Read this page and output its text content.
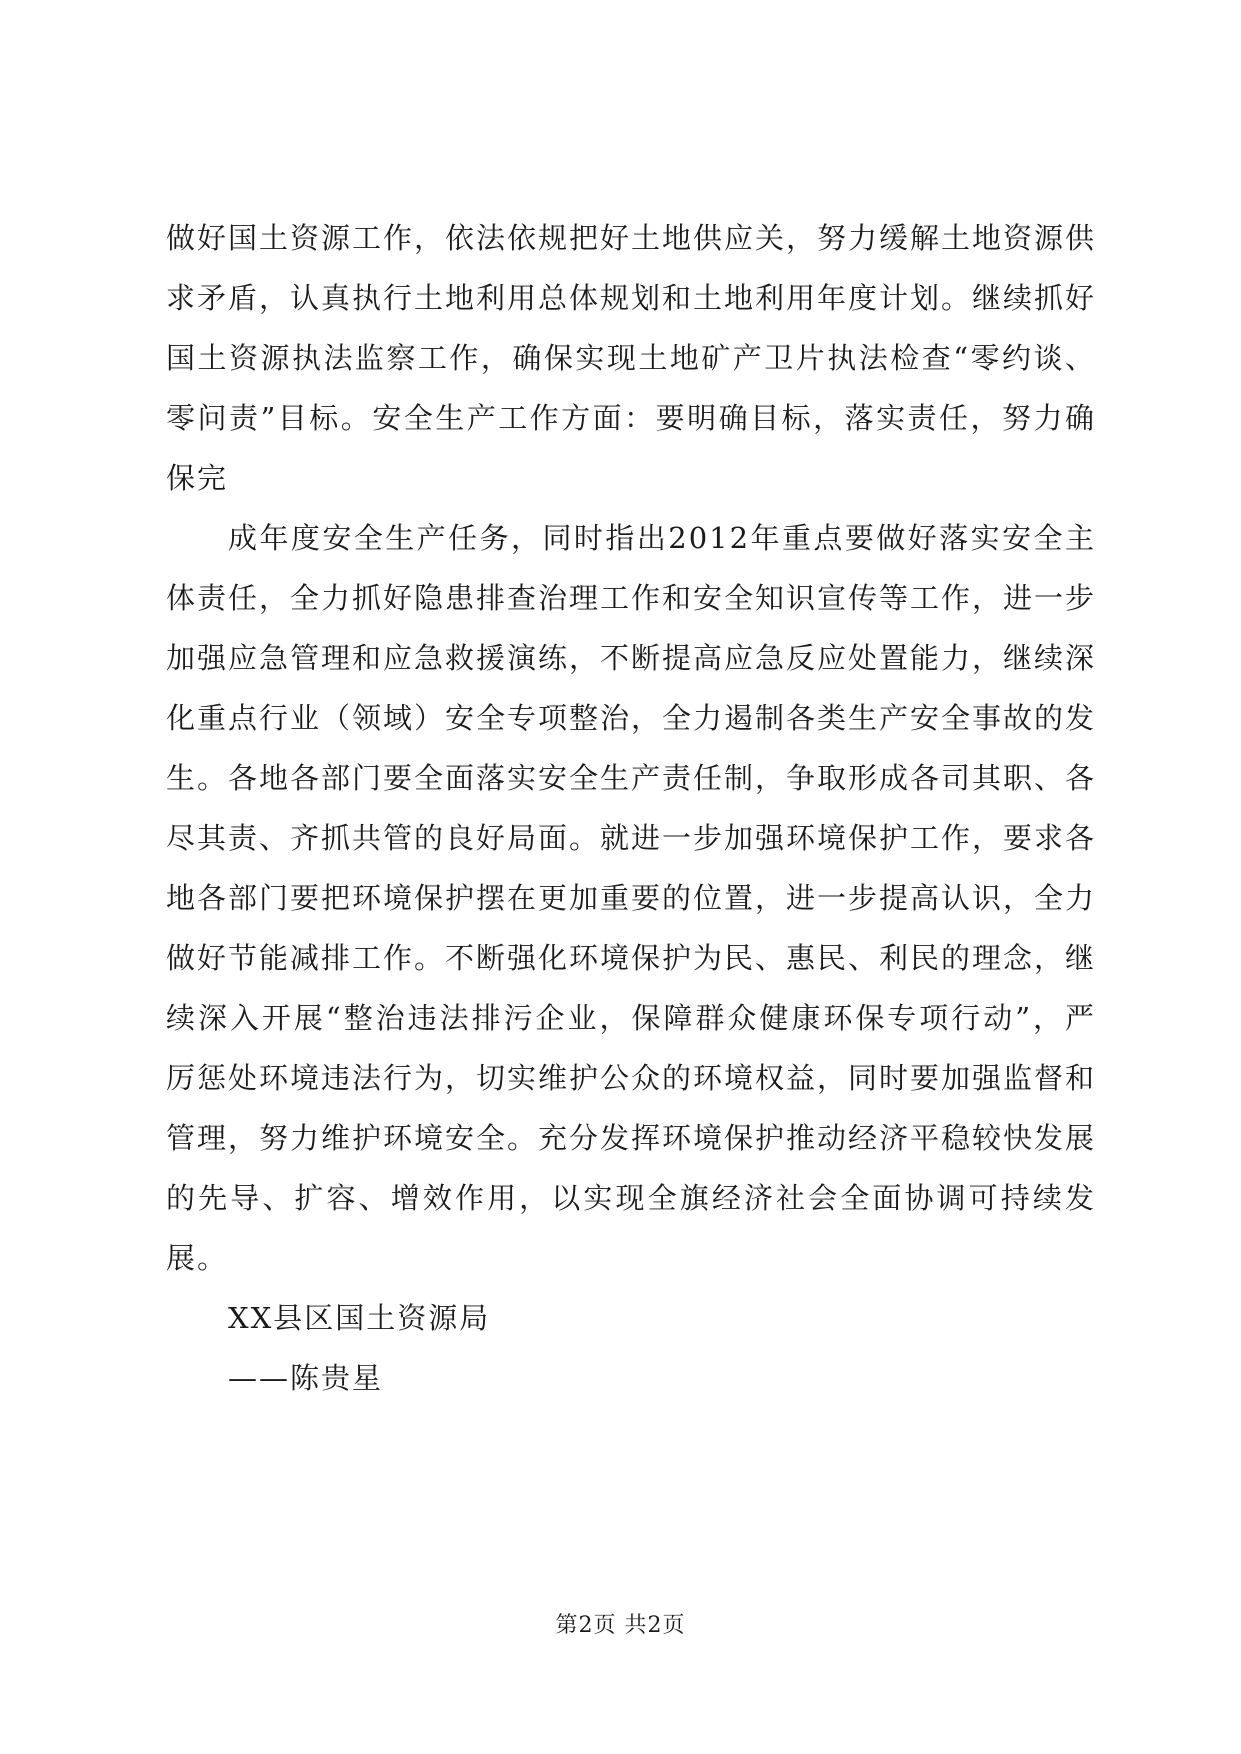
做好国土资源工作，依法依规把好土地供应关，努力缓解土地资源供求矛盾，认真执行土地利用总体规划和土地利用年度计划。继续抓好国土资源执法监察工作，确保实现土地矿产卫片执法检查“零约谈、零问责”目标。安全生产工作方面：要明确目标，落实责任，努力确保完

成年度安全生产任务，同时指出2012年重点要做好落实安全主体责任，全力抓好隐患排查治理工作和安全知识宣传等工作，进一步加强应急管理和应急救援演练，不断提高应急反应处置能力，继续深化重点行业（领域）安全专项整治，全力遏制各类生产安全事故的发生。各地各部门要全面落实安全生产责任制，争取形成各司其职、各尽其责、齐抓共管的良好局面。就进一步加强环境保护工作，要求各地各部门要把环境保护摆在更加重要的位置，进一步提高认识，全力做好节能减排工作。不断强化环境保护为民、惠民、利民的理念，继续深入开展“整治违法排污企业，保障群众健康环保专项行动”，严厉惩处环境违法行为，切实维护公众的环境权益，同时要加强监督和管理，努力维护环境安全。充分发挥环境保护推动经济平稳较快发展的先导、扩容、增效作用，以实现全旗经济社会全面协调可持续发展。

XX县区国土资源局

——陈贵星

第2页 共2页
